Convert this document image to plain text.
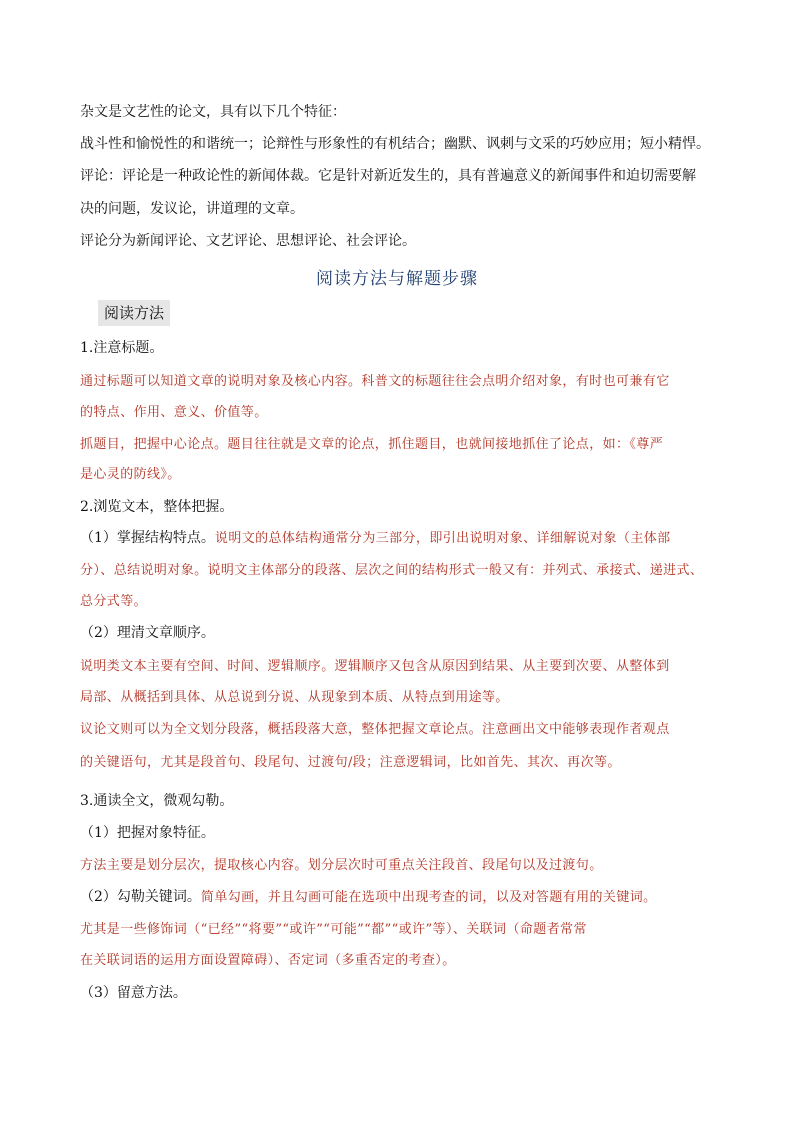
杂文是文艺性的论文，具有以下几个特征：
战斗性和愉悦性的和谐统一；论辩性与形象性的有机结合；幽默、讽刺与文采的巧妙应用；短小精悍。
评论：评论是一种政论性的新闻体裁。它是针对新近发生的，具有普遍意义的新闻事件和迫切需要解
决的问题，发议论，讲道理的文章。
评论分为新闻评论、文艺评论、思想评论、社会评论。
阅读方法与解题步骤
阅读方法
1.注意标题。
通过标题可以知道文章的说明对象及核心内容。科普文的标题往往会点明介绍对象，有时也可兼有它
的特点、作用、意义、价值等。
抓题目，把握中心论点。题目往往就是文章的论点，抓住题目，也就间接地抓住了论点，如：《尊严
是心灵的防线》。
2.浏览文本，整体把握。
（1）掌握结构特点。说明文的总体结构通常分为三部分，即引出说明对象、详细解说对象（主体部
分）、总结说明对象。说明文主体部分的段落、层次之间的结构形式一般又有：并列式、承接式、递进式、
总分式等。
（2）理清文章顺序。
说明类文本主要有空间、时间、逻辑顺序。逻辑顺序又包含从原因到结果、从主要到次要、从整体到
局部、从概括到具体、从总说到分说、从现象到本质、从特点到用途等。
议论文则可以为全文划分段落，概括段落大意，整体把握文章论点。注意画出文中能够表现作者观点
的关键语句，尤其是段首句、段尾句、过渡句/段；注意逻辑词，比如首先、其次、再次等。
3.通读全文，微观勾勒。
（1）把握对象特征。
方法主要是划分层次，提取核心内容。划分层次时可重点关注段首、段尾句以及过渡句。
（2）勾勒关键词。简单勾画，并且勾画可能在选项中出现考查的词，以及对答题有用的关键词。
尤其是一些修饰词（“已经”“将要”“或许”“可能”“都”“或许”等）、关联词（命题者常常
在关联词语的运用方面设置障碍）、否定词（多重否定的考查）。
（3）留意方法。
